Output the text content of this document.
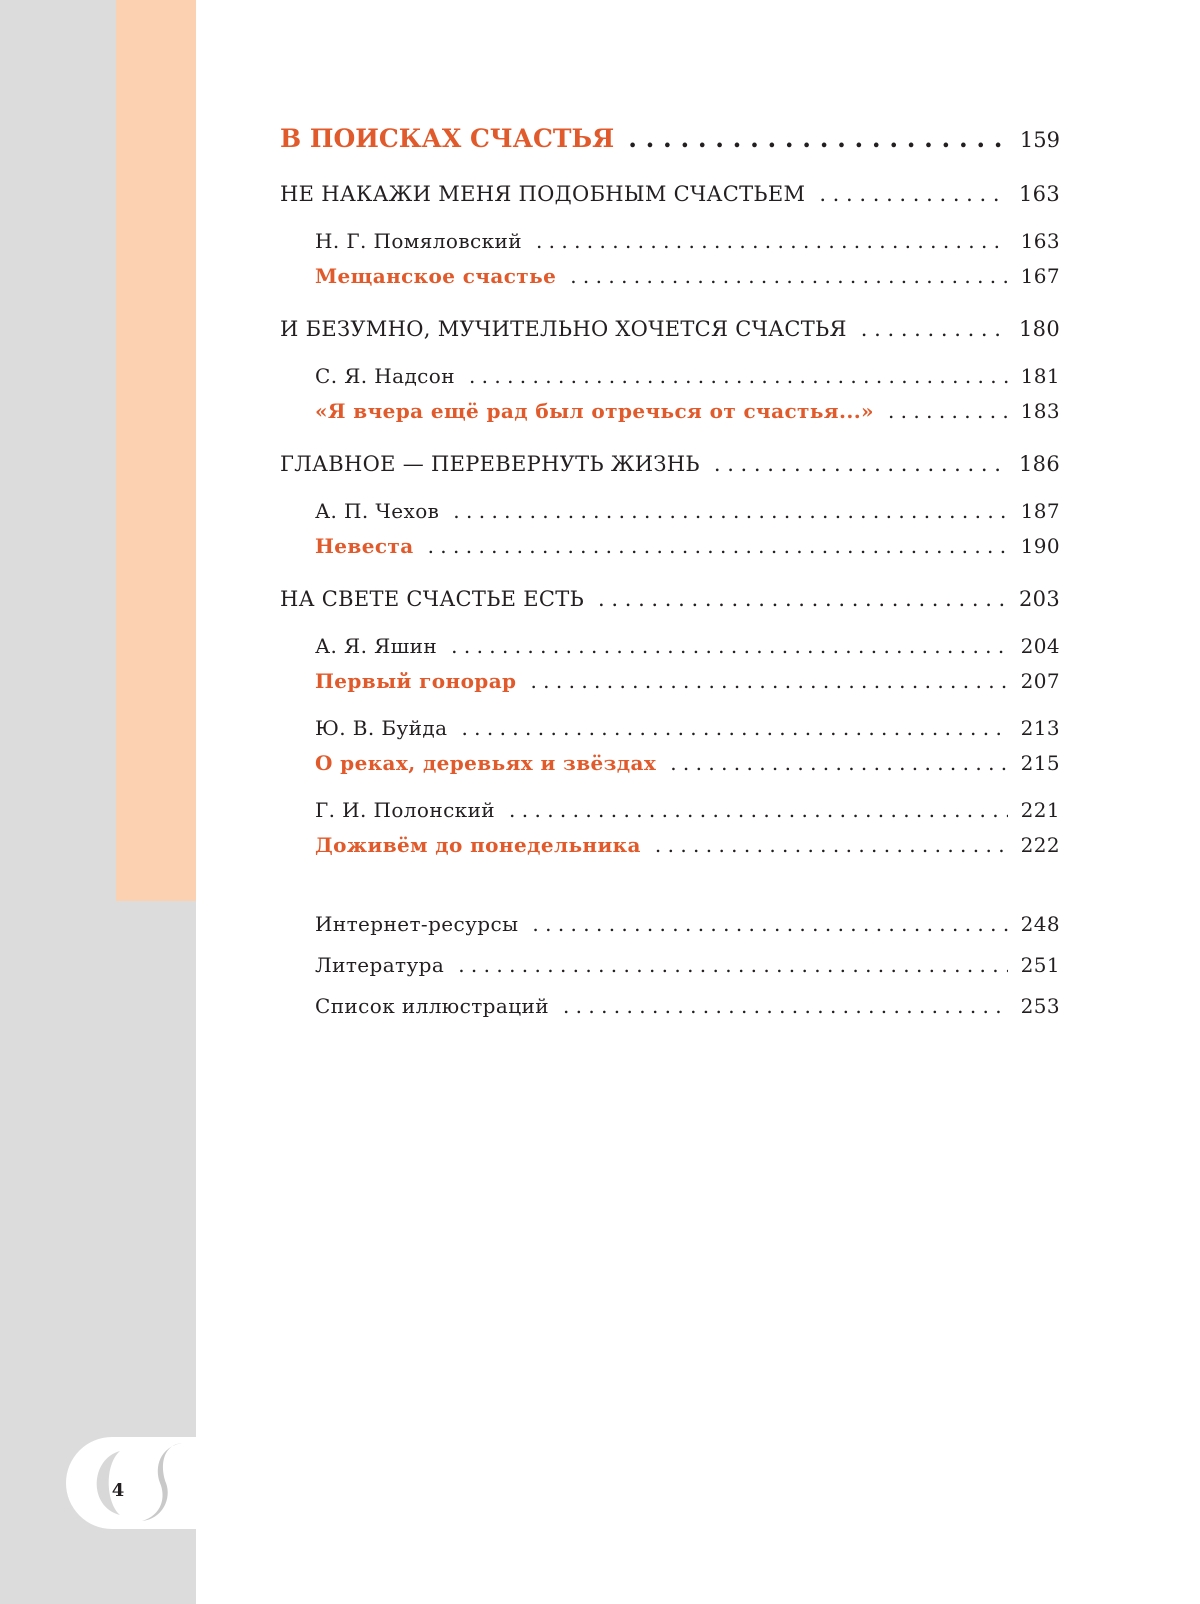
4
В ПОИСКАХ СЧАСТЬЯ . . .	159
НЕ НАКАЖИ МЕНЯ ПОДОБНЫМ СЧАСТЬЕМ . . .	163
Н. Г. Помяловский . . .	163
Мещанское счастье . . .	167
И БЕЗУМНО, МУЧИТЕЛЬНО ХОЧЕТСЯ СЧАСТЬЯ . . .	180
С. Я. Надсон . . .	181
«Я вчера ещё рад был отречься от счастья...» . . .	183
ГЛАВНОЕ — ПЕРЕВЕРНУТЬ ЖИЗНЬ . . .	186
А. П. Чехов . . .	187
Невеста . . .	190
НА СВЕТЕ СЧАСТЬЕ ЕСТЬ . . .	203
А. Я. Яшин . . .	204
Первый гонорар . . .	207
Ю. В. Буйда . . .	213
О реках, деревьях и звёздах . . .	215
Г. И. Полонский . . .	221
Доживём до понедельника . . .	222
Интернет-ресурсы . . .	248
Литература . . .	251
Список иллюстраций . . .	253
